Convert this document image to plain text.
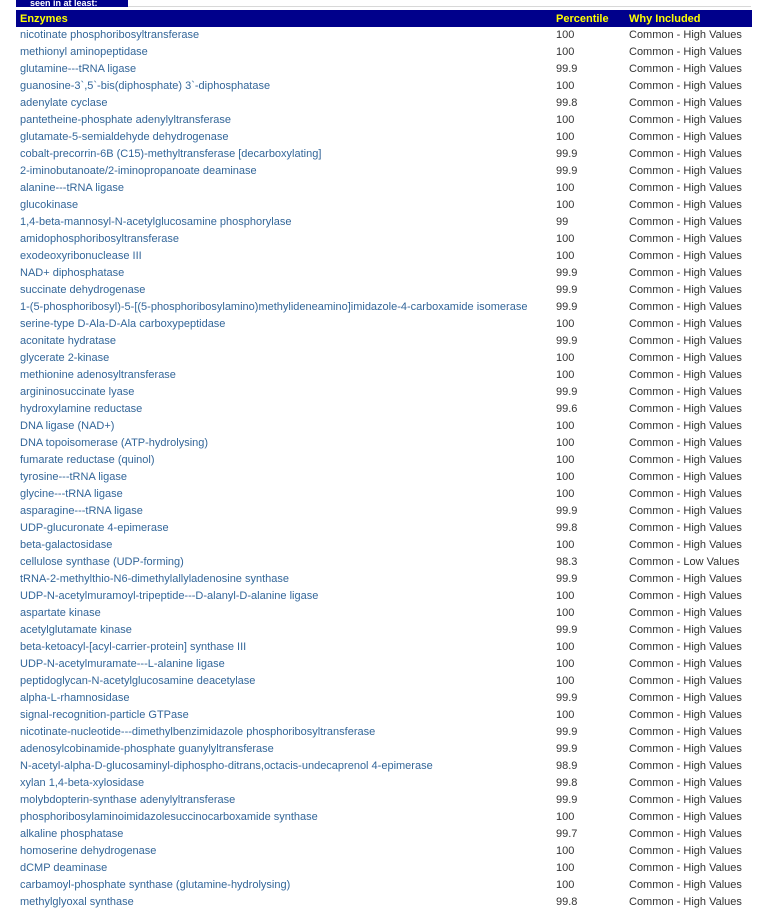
seen in at least:
Enzymes	Percentile	Why Included
nicotinate phosphoribosyltransferase	100	Common - High Values
methionyl aminopeptidase	100	Common - High Values
glutamine---tRNA ligase	99.9	Common - High Values
guanosine-3`,5`-bis(diphosphate) 3`-diphosphatase	100	Common - High Values
adenylate cyclase	99.8	Common - High Values
pantetheine-phosphate adenylyltransferase	100	Common - High Values
glutamate-5-semialdehyde dehydrogenase	100	Common - High Values
cobalt-precorrin-6B (C15)-methyltransferase [decarboxylating]	99.9	Common - High Values
2-iminobutanoate/2-iminopropanoate deaminase	99.9	Common - High Values
alanine---tRNA ligase	100	Common - High Values
glucokinase	100	Common - High Values
1,4-beta-mannosyl-N-acetylglucosamine phosphorylase	99	Common - High Values
amidophosphoribosyltransferase	100	Common - High Values
exodeoxyribonuclease III	100	Common - High Values
NAD+ diphosphatase	99.9	Common - High Values
succinate dehydrogenase	99.9	Common - High Values
1-(5-phosphoribosyl)-5-[(5-phosphoribosylamino)methylideneamino]imidazole-4-carboxamide isomerase	99.9	Common - High Values
serine-type D-Ala-D-Ala carboxypeptidase	100	Common - High Values
aconitate hydratase	99.9	Common - High Values
glycerate 2-kinase	100	Common - High Values
methionine adenosyltransferase	100	Common - High Values
argininosuccinate lyase	99.9	Common - High Values
hydroxylamine reductase	99.6	Common - High Values
DNA ligase (NAD+)	100	Common - High Values
DNA topoisomerase (ATP-hydrolysing)	100	Common - High Values
fumarate reductase (quinol)	100	Common - High Values
tyrosine---tRNA ligase	100	Common - High Values
glycine---tRNA ligase	100	Common - High Values
asparagine---tRNA ligase	99.9	Common - High Values
UDP-glucuronate 4-epimerase	99.8	Common - High Values
beta-galactosidase	100	Common - High Values
cellulose synthase (UDP-forming)	98.3	Common - Low Values
tRNA-2-methylthio-N6-dimethylallyladenosine synthase	99.9	Common - High Values
UDP-N-acetylmuramoyl-tripeptide---D-alanyl-D-alanine ligase	100	Common - High Values
aspartate kinase	100	Common - High Values
acetylglutamate kinase	99.9	Common - High Values
beta-ketoacyl-[acyl-carrier-protein] synthase III	100	Common - High Values
UDP-N-acetylmuramate---L-alanine ligase	100	Common - High Values
peptidoglycan-N-acetylglucosamine deacetylase	100	Common - High Values
alpha-L-rhamnosidase	99.9	Common - High Values
signal-recognition-particle GTPase	100	Common - High Values
nicotinate-nucleotide---dimethylbenzimidazole phosphoribosyltransferase	99.9	Common - High Values
adenosylcobinamide-phosphate guanylyltransferase	99.9	Common - High Values
N-acetyl-alpha-D-glucosaminyl-diphospho-ditrans,octacis-undecaprenol 4-epimerase	98.9	Common - High Values
xylan 1,4-beta-xylosidase	99.8	Common - High Values
molybdopterin-synthase adenylyltransferase	99.9	Common - High Values
phosphoribosylaminoimidazolesuccinocarboxamide synthase	100	Common - High Values
alkaline phosphatase	99.7	Common - High Values
homoserine dehydrogenase	100	Common - High Values
dCMP deaminase	100	Common - High Values
carbamoyl-phosphate synthase (glutamine-hydrolysing)	100	Common - High Values
methylglyoxal synthase	99.8	Common - High Values
